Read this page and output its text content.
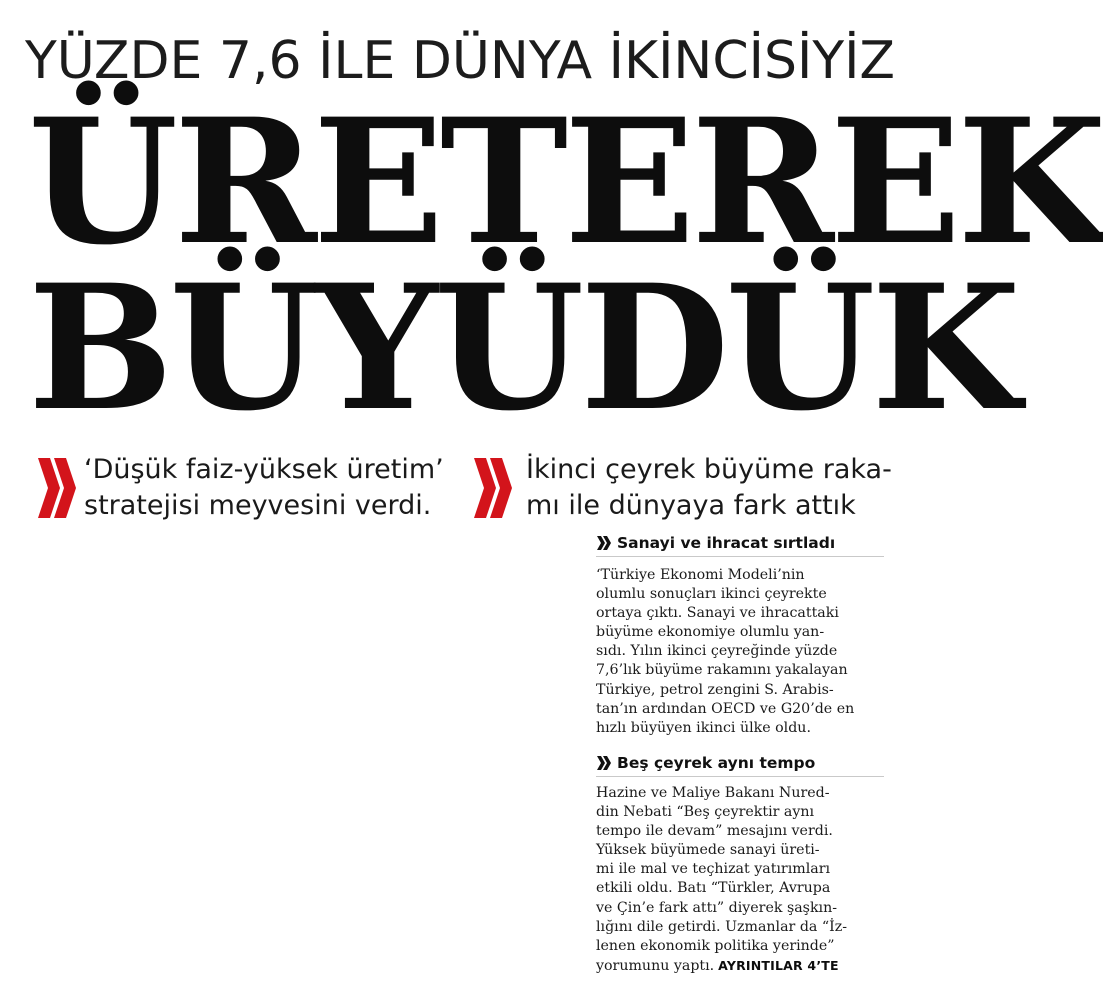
YÜZDE 7,6 İLE DÜNYA İKİNCİSİYİZ
ÜRETEREK
BÜYÜDÜK
‘Düşük faiz-yüksek üretim’
stratejisi meyvesini verdi.
İkinci çeyrek büyüme raka-
mı ile dünyaya fark attık
Sanayi ve ihracat sırtladı

‘Türkiye Ekonomi Modeli’nin

olumlu sonuçları ikinci çeyrekte

ortaya çıktı. Sanayi ve ihracattaki

büyüme ekonomiye olumlu yan-

sıdı. Yılın ikinci çeyreğinde yüzde

7,6’lık büyüme rakamını yakalayan

Türkiye, petrol zengini S. Arabis-

tan’ın ardından OECD ve G20’de en

hızlı büyüyen ikinci ülke oldu.

Beş çeyrek aynı tempo

Hazine ve Maliye Bakanı Nured-

din Nebati “Beş çeyrektir aynı

tempo ile devam” mesajını verdi.

Yüksek büyümede sanayi üreti-

mi ile mal ve teçhizat yatırımları

etkili oldu. Batı “Türkler, Avrupa

ve Çin’e fark attı” diyerek şaşkın-

lığını dile getirdi. Uzmanlar da “İz-

lenen ekonomik politika yerinde”

yorumunu yaptı. AYRINTILAR 4’TE
